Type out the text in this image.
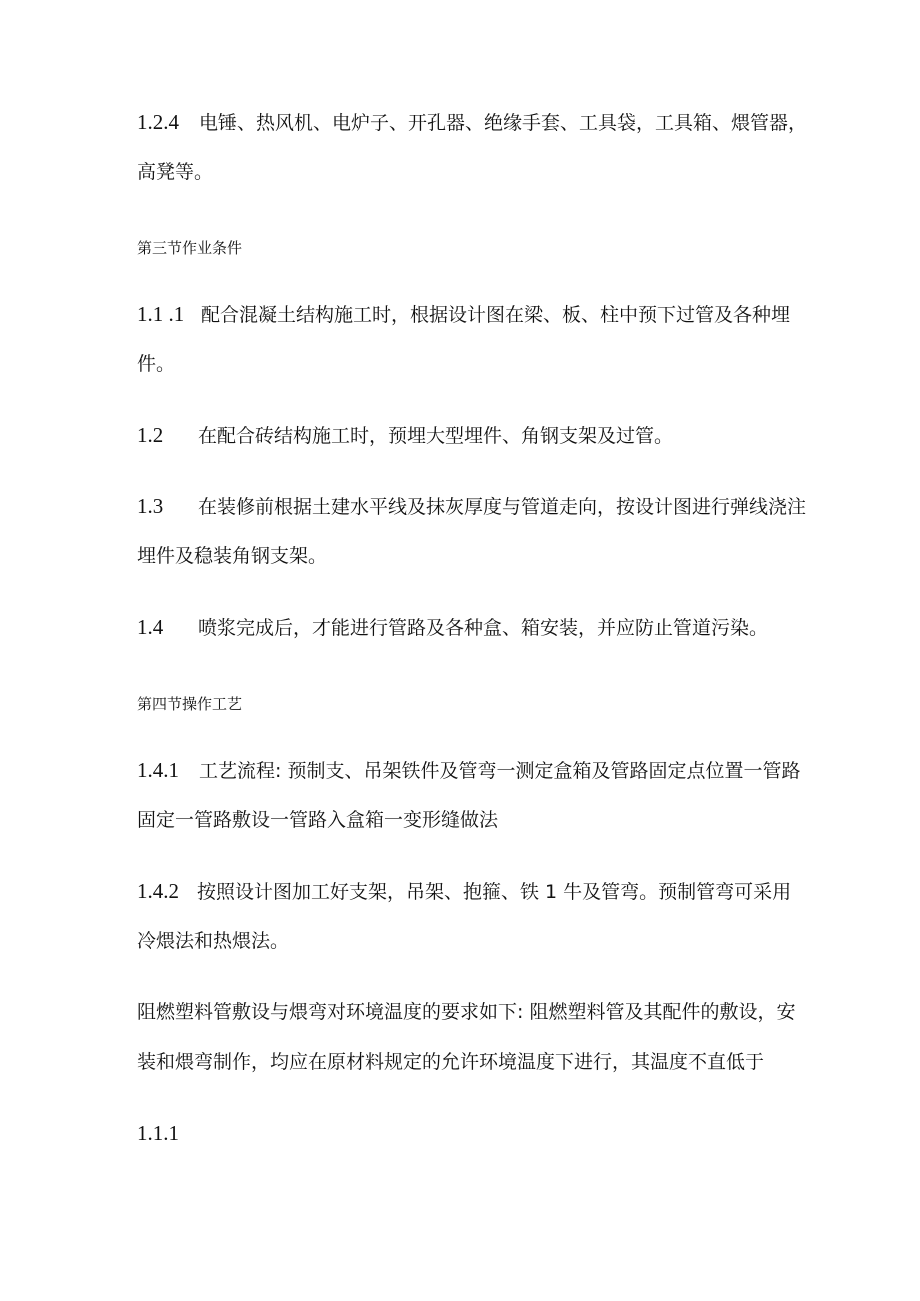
1.2.4 电锤、热风机、电炉子、开孔器、绝缘手套、工具袋，工具箱、煨管器，
高凳等。
第三节作业条件
1.1 .1 配合混凝土结构施工时，根据设计图在梁、板、柱中预下过管及各种埋
件。
1.2 在配合砖结构施工时，预埋大型埋件、角钢支架及过管。
1.3 在装修前根据土建水平线及抹灰厚度与管道走向，按设计图进行弹线浇注
埋件及稳装角钢支架。
1.4 喷浆完成后，才能进行管路及各种盒、箱安装，并应防止管道污染。
第四节操作工艺
1.4.1 工艺流程: 预制支、吊架铁件及管弯一测定盒箱及管路固定点位置一管路
固定一管路敷设一管路入盒箱一变形缝做法
1.4.2 按照设计图加工好支架，吊架、抱箍、铁 1 牛及管弯。预制管弯可采用
冷煨法和热煨法。
阻燃塑料管敷设与煨弯对环境温度的要求如下: 阻燃塑料管及其配件的敷设，安
装和煨弯制作，均应在原材料规定的允许环境温度下进行，其温度不直低于
1.1.1
